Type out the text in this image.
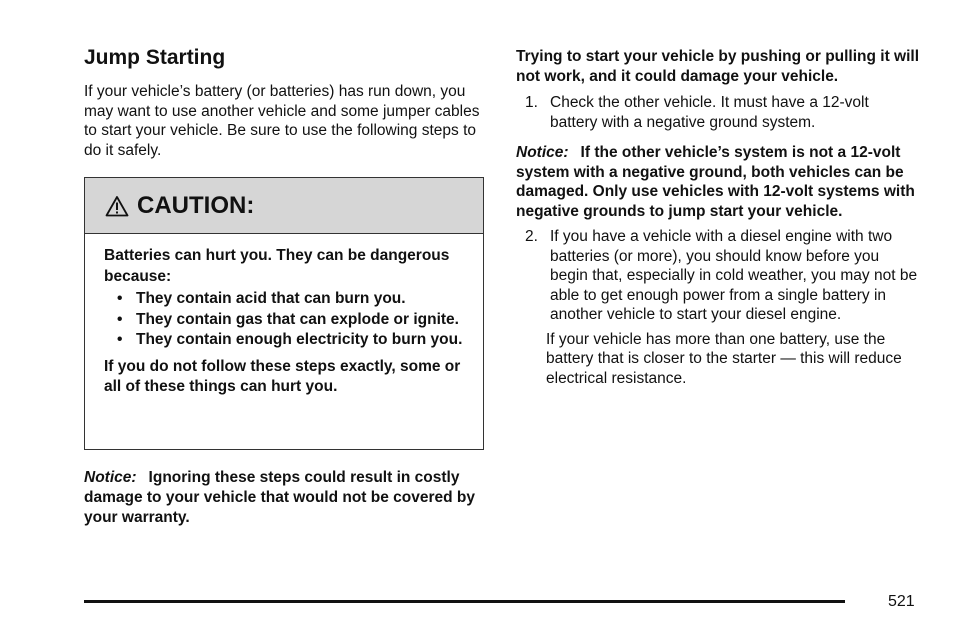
Jump Starting

If your vehicle’s battery (or batteries) has run down, you may want to use another vehicle and some jumper cables to start your vehicle. Be sure to use the following steps to do it safely.

CAUTION:

Batteries can hurt you. They can be dangerous because:

• They contain acid that can burn you.
• They contain gas that can explode or ignite.
• They contain enough electricity to burn you.

If you do not follow these steps exactly, some or all of these things can hurt you.

Notice: Ignoring these steps could result in costly damage to your vehicle that would not be covered by your warranty.

Trying to start your vehicle by pushing or pulling it will not work, and it could damage your vehicle.

1. Check the other vehicle. It must have a 12-volt battery with a negative ground system.

Notice: If the other vehicle’s system is not a 12-volt system with a negative ground, both vehicles can be damaged. Only use vehicles with 12-volt systems with negative grounds to jump start your vehicle.

2. If you have a vehicle with a diesel engine with two batteries (or more), you should know before you begin that, especially in cold weather, you may not be able to get enough power from a single battery in another vehicle to start your diesel engine.

If your vehicle has more than one battery, use the battery that is closer to the starter — this will reduce electrical resistance.

521
